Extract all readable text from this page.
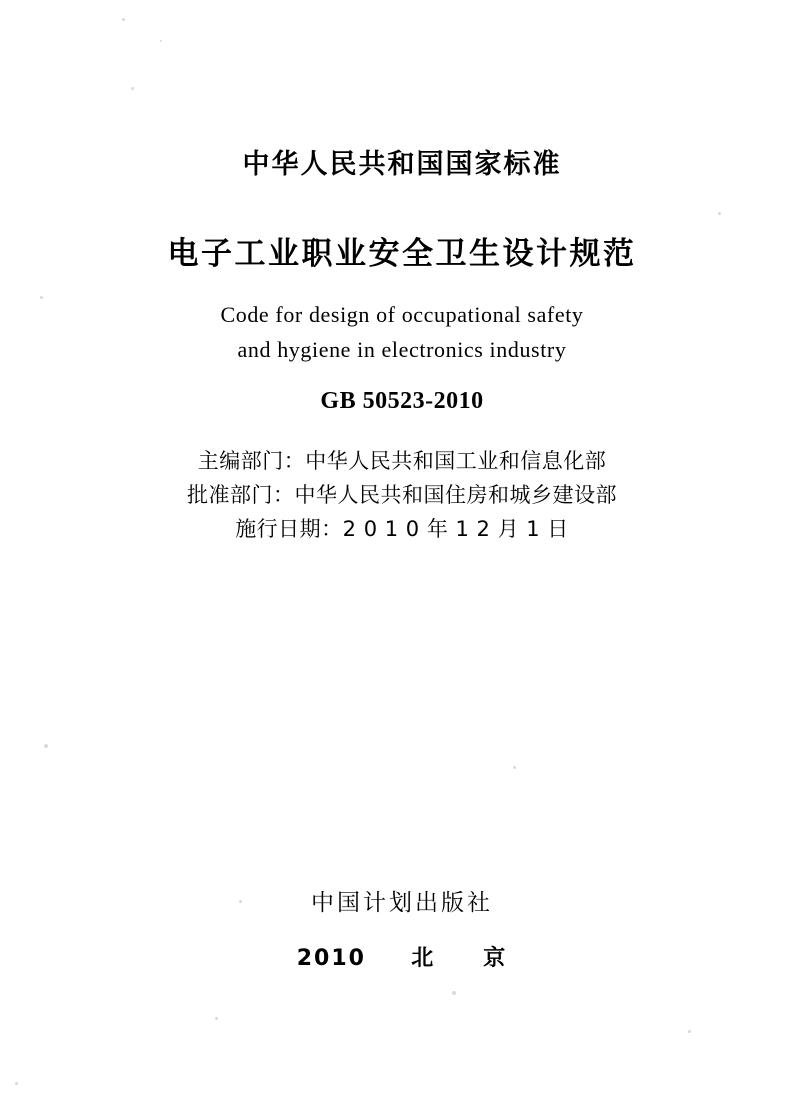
中华人民共和国国家标准
电子工业职业安全卫生设计规范
Code for design of occupational safety
and hygiene in electronics industry
GB 50523-2010
主编部门：中华人民共和国工业和信息化部
批准部门：中华人民共和国住房和城乡建设部
施行日期：2 0 1 0 年 1 2 月 1 日
中国计划出版社
2010 北　　京
